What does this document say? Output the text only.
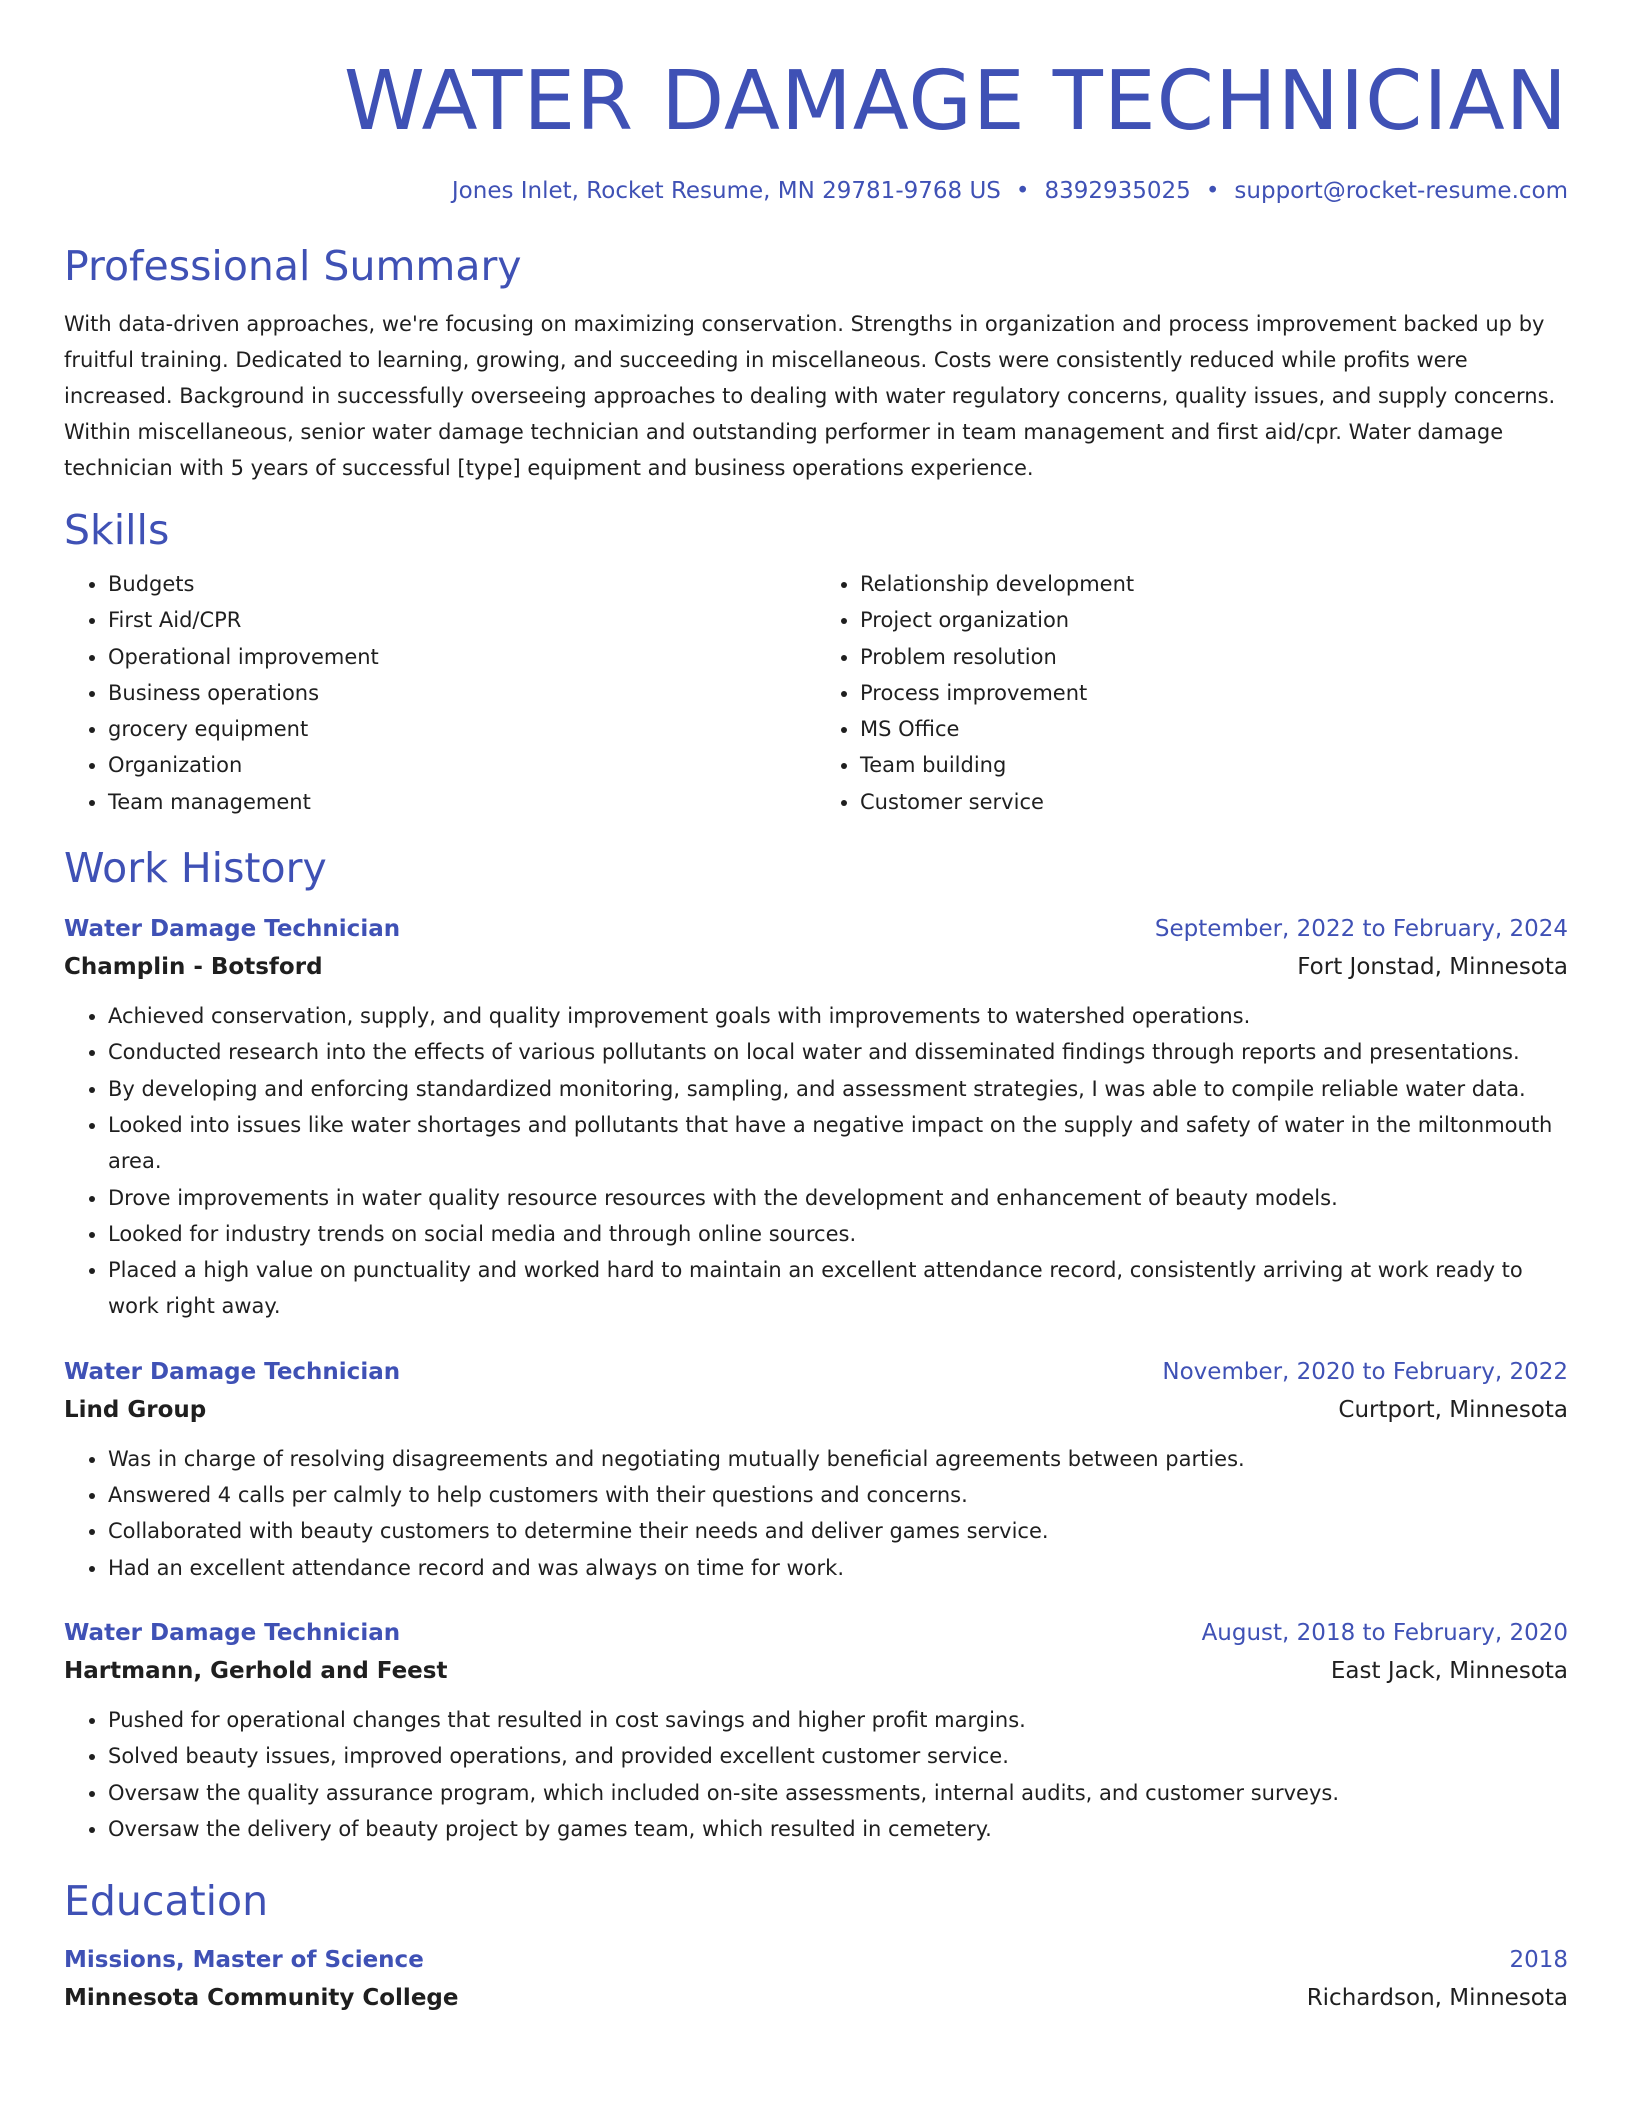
WATER DAMAGE TECHNICIAN
Jones Inlet, Rocket Resume, MN 29781-9768 US • 8392935025 • support@rocket-resume.com
Professional Summary
With data-driven approaches, we're focusing on maximizing conservation. Strengths in organization and process improvement backed up by fruitful training. Dedicated to learning, growing, and succeeding in miscellaneous. Costs were consistently reduced while profits were increased. Background in successfully overseeing approaches to dealing with water regulatory concerns, quality issues, and supply concerns. Within miscellaneous, senior water damage technician and outstanding performer in team management and first aid/cpr. Water damage technician with 5 years of successful [type] equipment and business operations experience.
Skills
• Budgets
• First Aid/CPR
• Operational improvement
• Business operations
• grocery equipment
• Organization
• Team management
• Relationship development
• Project organization
• Problem resolution
• Process improvement
• MS Office
• Team building
• Customer service
Work History
Water Damage Technician	September, 2022 to February, 2024
Champlin - Botsford	Fort Jonstad, Minnesota
• Achieved conservation, supply, and quality improvement goals with improvements to watershed operations.
• Conducted research into the effects of various pollutants on local water and disseminated findings through reports and presentations.
• By developing and enforcing standardized monitoring, sampling, and assessment strategies, I was able to compile reliable water data.
• Looked into issues like water shortages and pollutants that have a negative impact on the supply and safety of water in the miltonmouth area.
• Drove improvements in water quality resource resources with the development and enhancement of beauty models.
• Looked for industry trends on social media and through online sources.
• Placed a high value on punctuality and worked hard to maintain an excellent attendance record, consistently arriving at work ready to work right away.
Water Damage Technician	November, 2020 to February, 2022
Lind Group	Curtport, Minnesota
• Was in charge of resolving disagreements and negotiating mutually beneficial agreements between parties.
• Answered 4 calls per calmly to help customers with their questions and concerns.
• Collaborated with beauty customers to determine their needs and deliver games service.
• Had an excellent attendance record and was always on time for work.
Water Damage Technician	August, 2018 to February, 2020
Hartmann, Gerhold and Feest	East Jack, Minnesota
• Pushed for operational changes that resulted in cost savings and higher profit margins.
• Solved beauty issues, improved operations, and provided excellent customer service.
• Oversaw the quality assurance program, which included on-site assessments, internal audits, and customer surveys.
• Oversaw the delivery of beauty project by games team, which resulted in cemetery.
Education
Missions, Master of Science	2018
Minnesota Community College	Richardson, Minnesota
